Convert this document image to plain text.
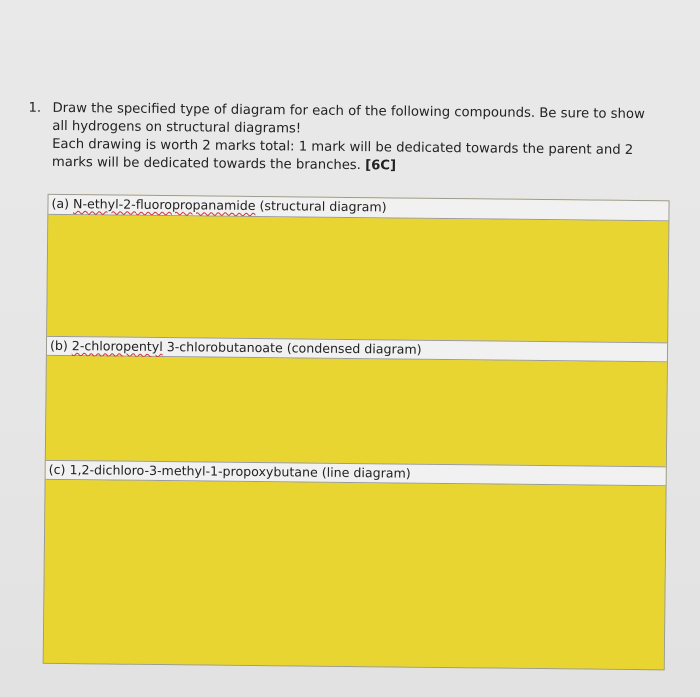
1. Draw the specified type of diagram for each of the following compounds. Be sure to show
all hydrogens on structural diagrams!
Each drawing is worth 2 marks total: 1 mark will be dedicated towards the parent and 2
marks will be dedicated towards the branches. [6C]
(a) N-ethyl-2-fluoropropanamide (structural diagram)
(b) 2-chloropentyl 3-chlorobutanoate (condensed diagram)
(c) 1,2-dichloro-3-methyl-1-propoxybutane (line diagram)
